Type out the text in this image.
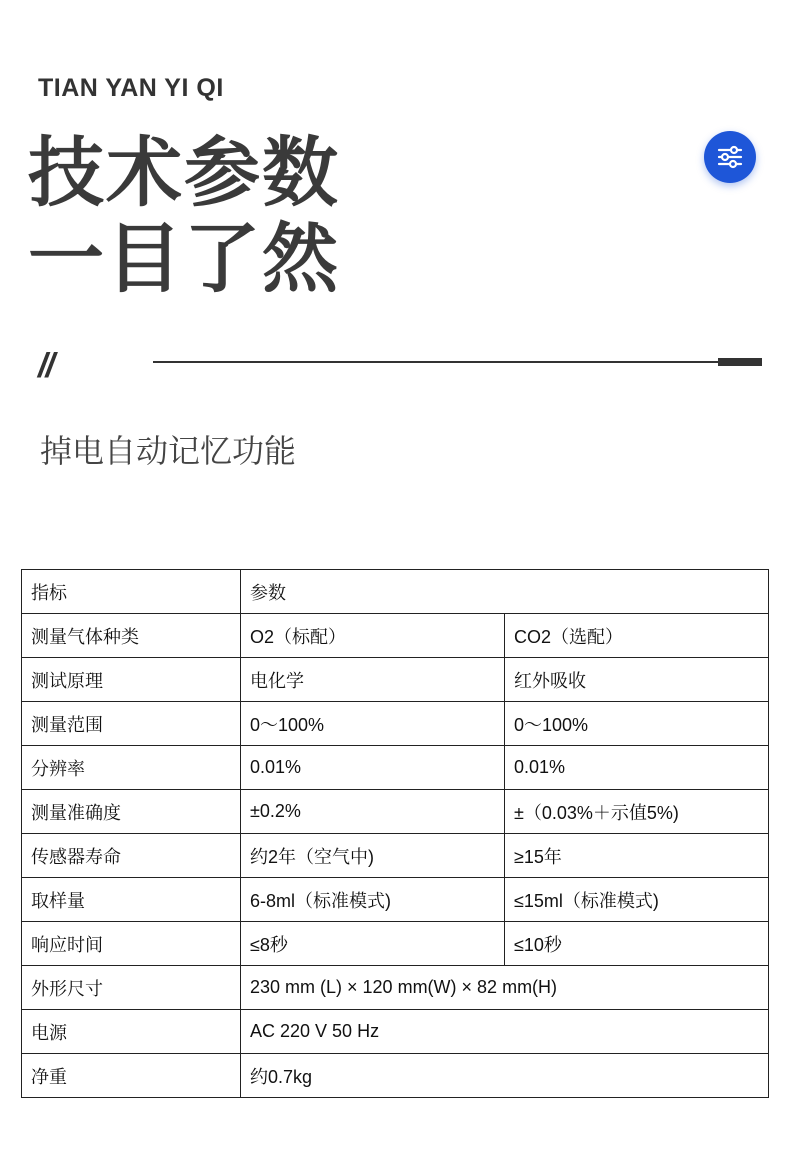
TIAN YAN YI QI
技术参数
一目了然
//
掉电自动记忆功能
指标	参数	
测量气体种类	O2（标配）	CO2（选配）
测试原理	电化学	红外吸收
测量范围	0～100%	0～100%
分辨率	0.01%	0.01%
测量准确度	±0.2%	±（0.03%＋示值5%)
传感器寿命	约2年（空气中)	≥15年
取样量	6-8ml（标准模式)	≤15ml（标准模式)
响应时间	≤8秒	≤10秒
外形尺寸	230 mm (L) × 120 mm(W) × 82 mm(H)	
电源	AC 220 V 50 Hz	
净重	约0.7kg	
